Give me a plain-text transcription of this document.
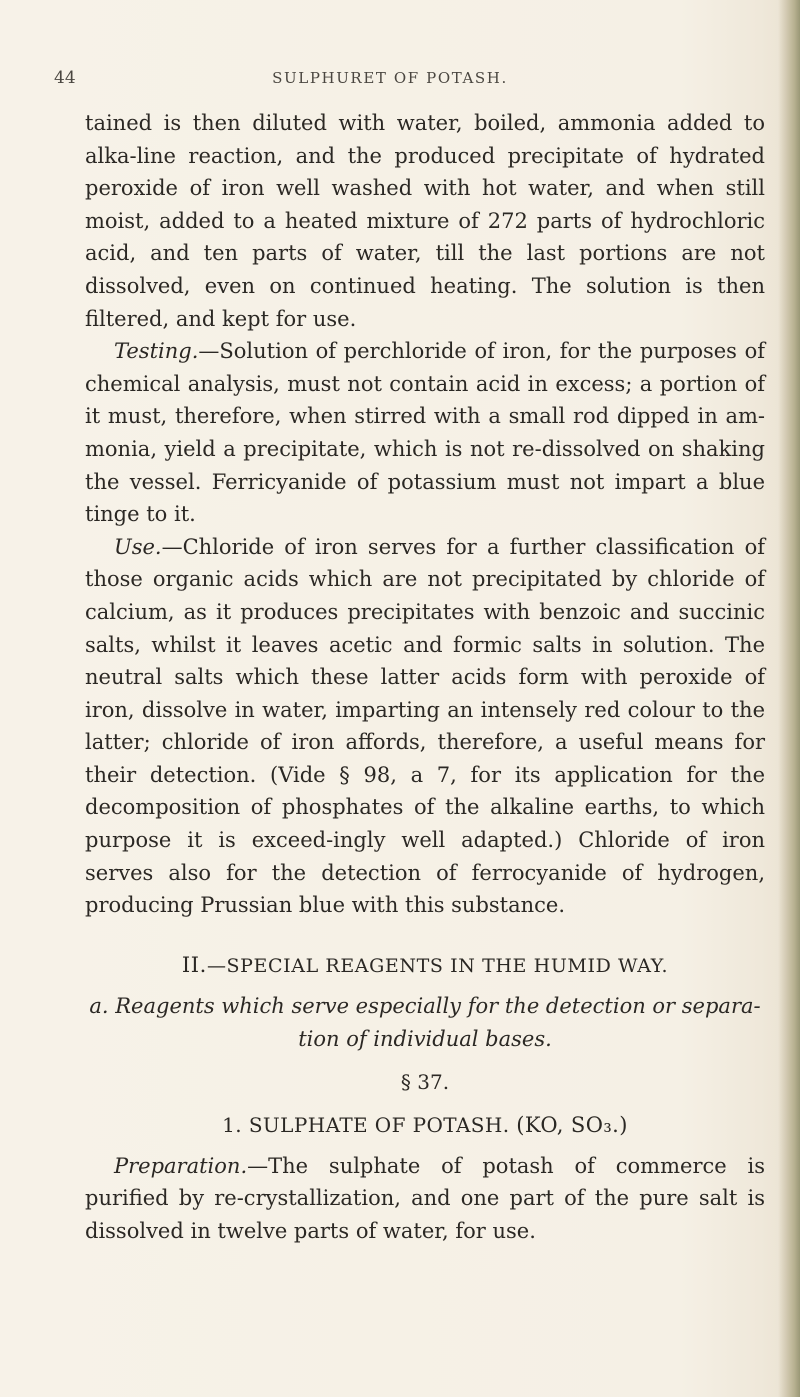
44	SULPHURET OF POTASH.

tained is then diluted with water, boiled, ammonia added to alka-line reaction, and the produced precipitate of hydrated peroxide of iron well washed with hot water, and when still moist, added to a heated mixture of 272 parts of hydrochloric acid, and ten parts of water, till the last portions are not dissolved, even on continued heating. The solution is then filtered, and kept for use.

Testing.—Solution of perchloride of iron, for the purposes of chemical analysis, must not contain acid in excess; a portion of it must, therefore, when stirred with a small rod dipped in am-monia, yield a precipitate, which is not re-dissolved on shaking the vessel. Ferricyanide of potassium must not impart a blue tinge to it.

Use.—Chloride of iron serves for a further classification of those organic acids which are not precipitated by chloride of calcium, as it produces precipitates with benzoic and succinic salts, whilst it leaves acetic and formic salts in solution. The neutral salts which these latter acids form with peroxide of iron, dissolve in water, imparting an intensely red colour to the latter; chloride of iron affords, therefore, a useful means for their detection. (Vide § 98, a 7, for its application for the decomposition of phosphates of the alkaline earths, to which purpose it is exceed-ingly well adapted.) Chloride of iron serves also for the detection of ferrocyanide of hydrogen, producing Prussian blue with this substance.

II.—SPECIAL REAGENTS IN THE HUMID WAY.

a. Reagents which serve especially for the detection or separa-tion of individual bases.

§ 37.

1. SULPHATE OF POTASH. (KO, SO₃.)

Preparation.—The sulphate of potash of commerce is purified by re-crystallization, and one part of the pure salt is dissolved in twelve parts of water, for use.
